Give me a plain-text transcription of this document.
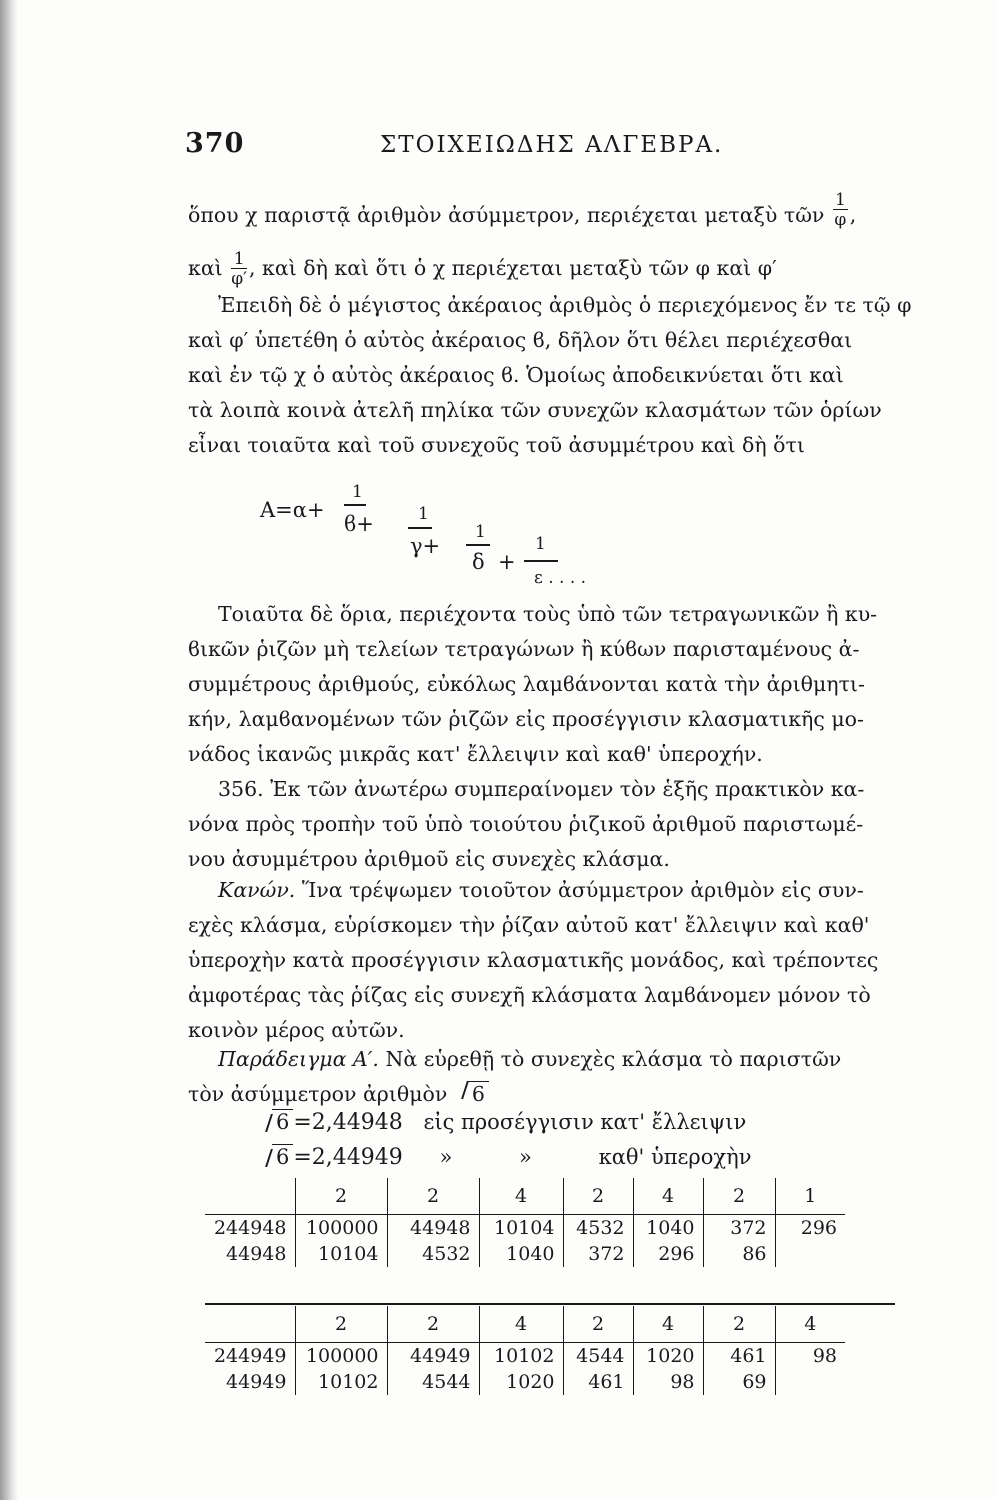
370	ΣΤΟΙΧΕΙΩΔΗΣ ΑΛΓΕΒΡΑ.
ὅπου χ παριστᾷ ἀριθμὸν ἀσύμμετρον, περιέχεται μεταξὺ τῶν $\frac{1}{\varphi}$ ,
καὶ $\frac{1}{\varphi'}$ , καὶ δὴ καὶ ὅτι ὁ χ περιέχεται μεταξὺ τῶν φ καὶ φ′
Ἐπειδὴ δὲ ὁ μέγιστος ἀκέραιος ἀριθμὸς ὁ περιεχόμενος ἔν τε τῷ φ
καὶ φ′ ὑπετέθη ὁ αὐτὸς ἀκέραιος ϐ, δῆλον ὅτι θέλει περιέχεσθαι
καὶ ἐν τῷ χ ὁ αὐτὸς ἀκέραιος ϐ. Ὁμοίως ἀποδεικνύεται ὅτι καὶ
τὰ λοιπὰ κοινὰ ἀτελῆ πηλίκα τῶν συνεχῶν κλασμάτων τῶν ὁρίων
εἶναι τοιαῦτα καὶ τοῦ συνεχοῦς τοῦ ἀσυμμέτρου καὶ δὴ ὅτι
A=α+
1
ϐ+	1
γ+
1
δ +
1
ε . . . .
Τοιαῦτα δὲ ὅρια, περιέχοντα τοὺς ὑπὸ τῶν τετραγωνικῶν ἢ κυ-
ϐικῶν ῥιζῶν μὴ τελείων τετραγώνων ἢ κύϐων παρισταμένους ἀ-
συμμέτρους ἀριθμούς, εὐκόλως λαμϐάνονται κατὰ τὴν ἀριθμητι-
κήν, λαμϐανομένων τῶν ῥιζῶν εἰς προσέγγισιν κλασματικῆς μο-
νάδος ἱκανῶς μικρᾶς κατ' ἔλλειψιν καὶ καθ' ὑπεροχήν.
356. Ἐκ τῶν ἀνωτέρω συμπεραίνομεν τὸν ἑξῆς πρακτικὸν κα-
νόνα πρὸς τροπὴν τοῦ ὑπὸ τοιούτου ῥιζικοῦ ἀριθμοῦ παριστωμέ-
νου ἀσυμμέτρου ἀριθμοῦ εἰς συνεχὲς κλάσμα.
Κανών. Ἵνα τρέψωμεν τοιοῦτον ἀσύμμετρον ἀριθμὸν εἰς συν-
εχὲς κλάσμα, εὑρίσκομεν τὴν ῥίζαν αὐτοῦ κατ' ἔλλειψιν καὶ καθ'
ὑπεροχὴν κατὰ προσέγγισιν κλασματικῆς μονάδος, καὶ τρέποντες
ἀμφοτέρας τὰς ῥίζας εἰς συνεχῆ κλάσματα λαμϐάνομεν μόνον τὸ
κοινὸν μέρος αὐτῶν.
Παράδειγμα Α′. Νὰ εὑρεθῇ τὸ συνεχὲς κλάσμα τὸ παριστῶν
τὸν ἀσύμμετρον ἀριθμὸν 6
6 =2,44948 εἰς προσέγγισιν κατ' ἔλλειψιν
6 =2,44949 »	»	καθ' ὑπεροχὴν
	2	2	4	2	4	2	1
244948	100000	44948	10104	4532	1040	372	296
44948	10104	4532	1040	372	296	86	
	2	2	4	2	4	2	4
244949	100000	44949	10102	4544	1020	461	98
44949	10102	4544	1020	461	98	69	
